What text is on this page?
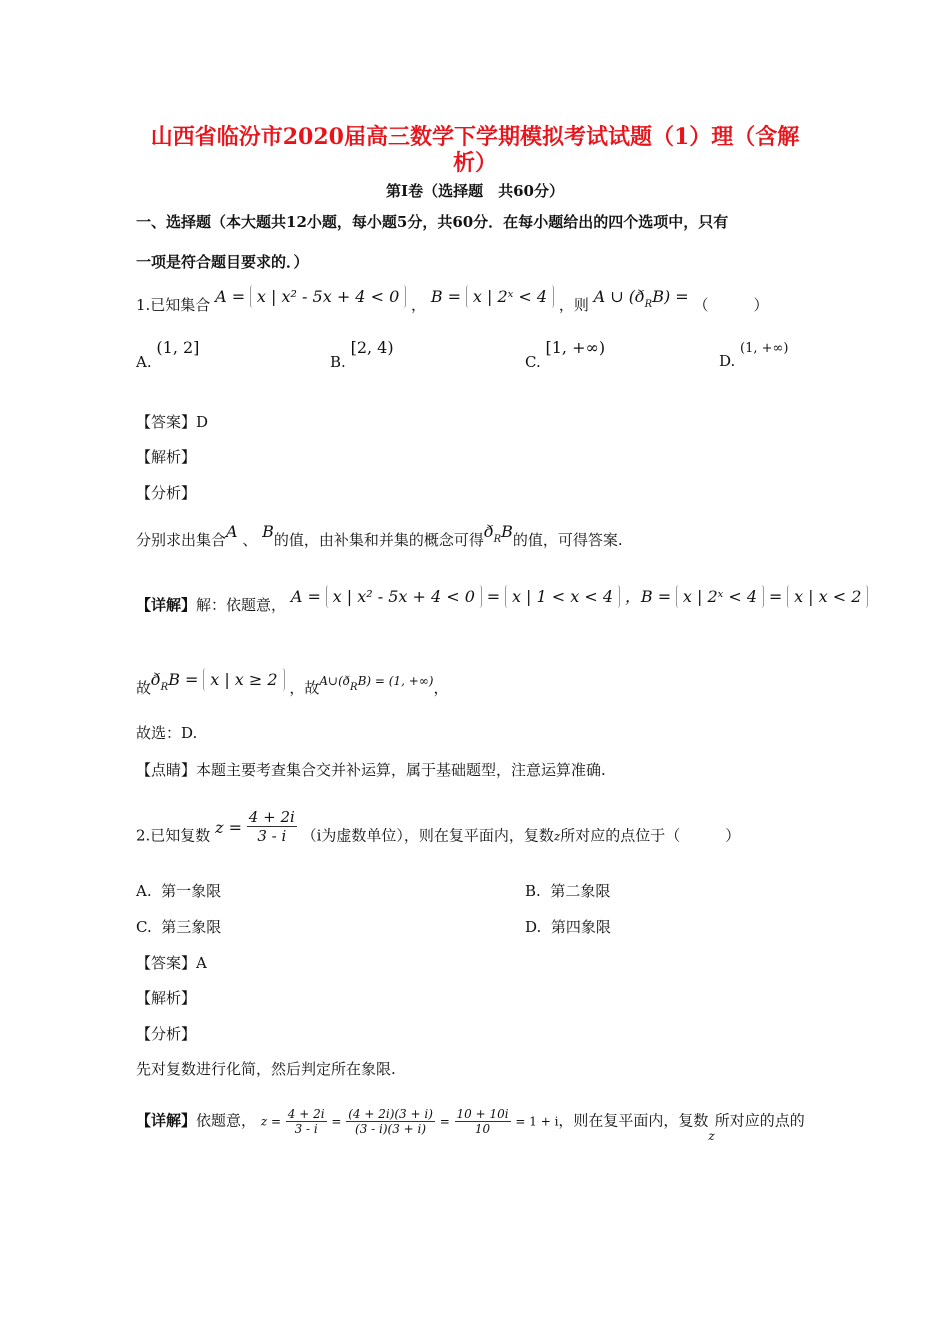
山西省临汾市2020届高三数学下学期模拟考试试题（1）理（含解
析）
第Ⅰ卷（选择题　共60分）
一、选择题（本大题共12小题，每小题5分，共60分．在每小题给出的四个选项中，只有
一项是符合题目要求的．）
1.已知集合 A = x | x² - 5x + 4 < 0 ， B = x | 2ˣ < 4 ，则 A ∪ $(ð_RB)$ = （　　　）
A. (1, 2]
B. [2, 4)
C. [1, +∞)
D. (1, +∞)
【答案】D
【解析】
【分析】
分别求出集合A 、 B的值，由补集和并集的概念可得$ð_RB$的值，可得答案.
【详解】解：依题意， A = x | x² - 5x + 4 < 0 = x | 1 < x < 4 ，B = x | 2ˣ < 4 = x | x < 2
故$ð_RB = x$ | x ≥ 2 ，故$^{A\cup(ð_RB) = (1, +\infty)}$，
故选：D.
【点睛】本题主要考查集合交并补运算，属于基础题型，注意运算准确.
2.已知复数 $z = \frac{4 + 2i}{3 - i} (i$为虚数单位），则在复平面内，复数z所对应的点位于（　　　）
A. 第一象限	B. 第二象限
C. 第三象限	D. 第四象限
【答案】A
【解析】
【分析】
先对复数进行化简，然后判定所在象限.
【详解】依题意， $z = \frac{4 + 2i}{3 - i} = \frac{(4 + 2i)(3 + i)}{(3 - i)(3 + i)} = \frac{10 + 10i}{10} = 1 + i$，则在复平面内，复数$_z$所对应的点的
